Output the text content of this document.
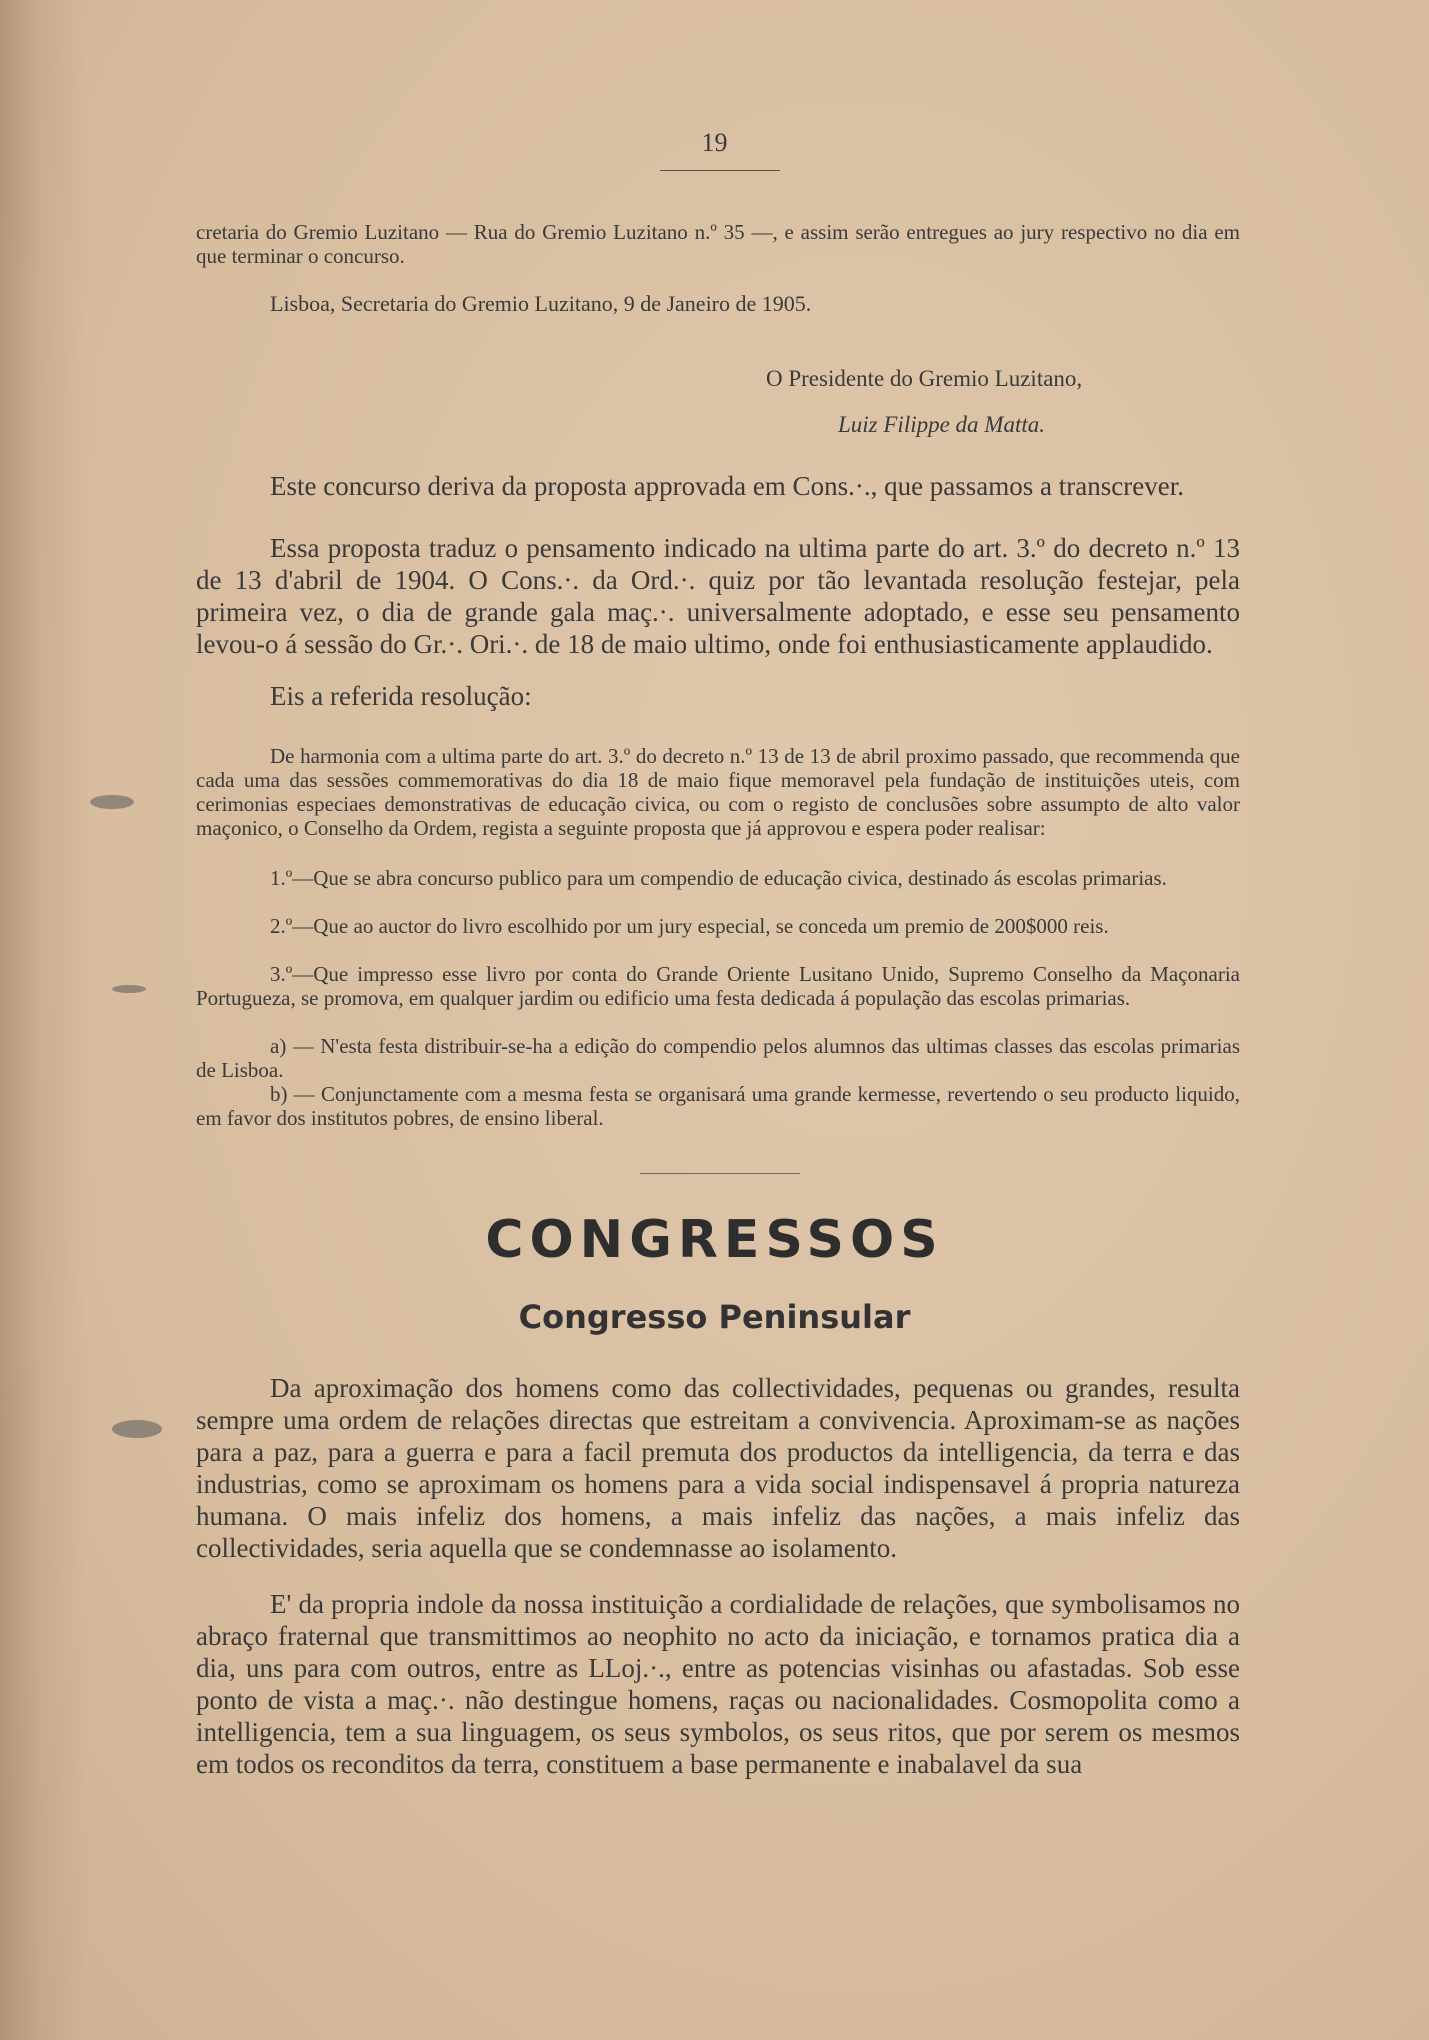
19
cretaria do Gremio Luzitano — Rua do Gremio Luzitano n.º 35 —, e assim serão entregues ao jury respectivo no dia em que terminar o concurso.
Lisboa, Secretaria do Gremio Luzitano, 9 de Janeiro de 1905.
O Presidente do Gremio Luzitano,
Luiz Filippe da Matta.
Este concurso deriva da proposta approvada em Cons.·., que passamos a transcrever.
Essa proposta traduz o pensamento indicado na ultima parte do art. 3.º do decreto n.º 13 de 13 d'abril de 1904. O Cons.·. da Ord.·. quiz por tão levantada resolução festejar, pela primeira vez, o dia de grande gala maç.·. universalmente adoptado, e esse seu pensamento levou-o á sessão do Gr.·. Ori.·. de 18 de maio ultimo, onde foi enthusiasticamente applaudido.
Eis a referida resolução:
De harmonia com a ultima parte do art. 3.º do decreto n.º 13 de 13 de abril proximo passado, que recommenda que cada uma das sessões commemorativas do dia 18 de maio fique memoravel pela fundação de instituições uteis, com cerimonias especiaes demonstrativas de educação civica, ou com o registo de conclusões sobre assumpto de alto valor maçonico, o Conselho da Ordem, regista a seguinte proposta que já approvou e espera poder realisar:
1.º—Que se abra concurso publico para um compendio de educação civica, destinado ás escolas primarias.
2.º—Que ao auctor do livro escolhido por um jury especial, se conceda um premio de 200$000 reis.
3.º—Que impresso esse livro por conta do Grande Oriente Lusitano Unido, Supremo Conselho da Maçonaria Portugueza, se promova, em qualquer jardim ou edificio uma festa dedicada á população das escolas primarias.
a) — N'esta festa distribuir-se-ha a edição do compendio pelos alumnos das ultimas classes das escolas primarias de Lisboa.
b) — Conjunctamente com a mesma festa se organisará uma grande kermesse, revertendo o seu producto liquido, em favor dos institutos pobres, de ensino liberal.
CONGRESSOS
Congresso Peninsular
Da aproximação dos homens como das collectividades, pequenas ou grandes, resulta sempre uma ordem de relações directas que estreitam a convivencia. Aproximam-se as nações para a paz, para a guerra e para a facil premuta dos productos da intelligencia, da terra e das industrias, como se aproximam os homens para a vida social indispensavel á propria natureza humana. O mais infeliz dos homens, a mais infeliz das nações, a mais infeliz das collectividades, seria aquella que se condemnasse ao isolamento.
E' da propria indole da nossa instituição a cordialidade de relações, que symbolisamos no abraço fraternal que transmittimos ao neophito no acto da iniciação, e tornamos pratica dia a dia, uns para com outros, entre as LLoj.·., entre as potencias visinhas ou afastadas. Sob esse ponto de vista a maç.·. não destingue homens, raças ou nacionalidades. Cosmopolita como a intelligencia, tem a sua linguagem, os seus symbolos, os seus ritos, que por serem os mesmos em todos os reconditos da terra, constituem a base permanente e inabalavel da sua
